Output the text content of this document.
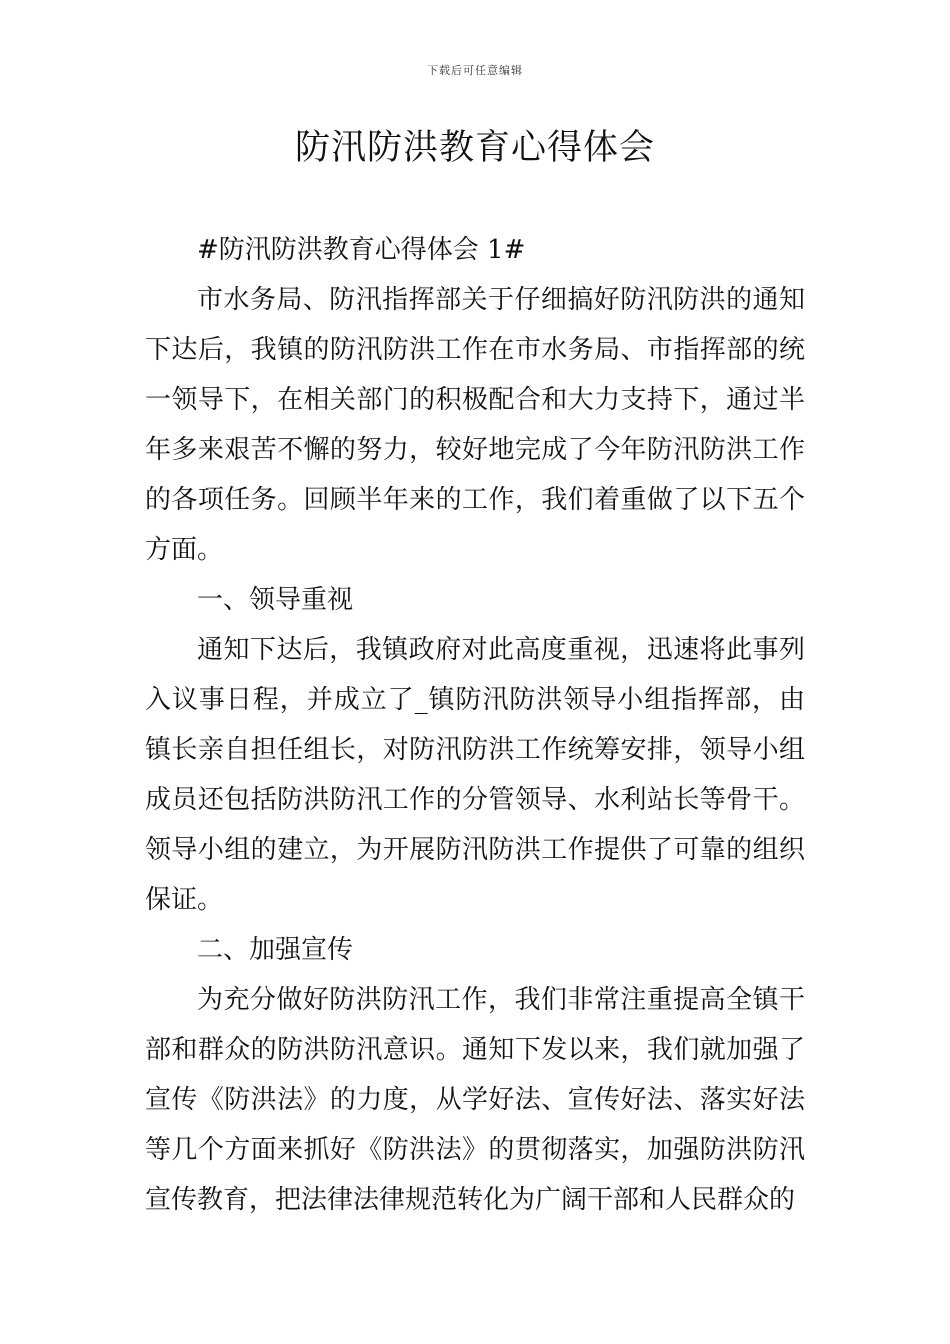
下载后可任意编辑
防汛防洪教育心得体会

#防汛防洪教育心得体会 1#

市水务局、防汛指挥部关于仔细搞好防汛防洪的通知下达后，我镇的防汛防洪工作在市水务局、市指挥部的统一领导下，在相关部门的积极配合和大力支持下，通过半年多来艰苦不懈的努力，较好地完成了今年防汛防洪工作的各项任务。回顾半年来的工作，我们着重做了以下五个方面。

一、领导重视

通知下达后，我镇政府对此高度重视，迅速将此事列入议事日程，并成立了_镇防汛防洪领导小组指挥部，由镇长亲自担任组长，对防汛防洪工作统筹安排，领导小组成员还包括防洪防汛工作的分管领导、水利站长等骨干。领导小组的建立，为开展防汛防洪工作提供了可靠的组织保证。

二、加强宣传

为充分做好防洪防汛工作，我们非常注重提高全镇干部和群众的防洪防汛意识。通知下发以来，我们就加强了宣传《防洪法》的力度，从学好法、宣传好法、落实好法等几个方面来抓好《防洪法》的贯彻落实，加强防洪防汛宣传教育，把法律法律规范转化为广阔干部和人民群众的
